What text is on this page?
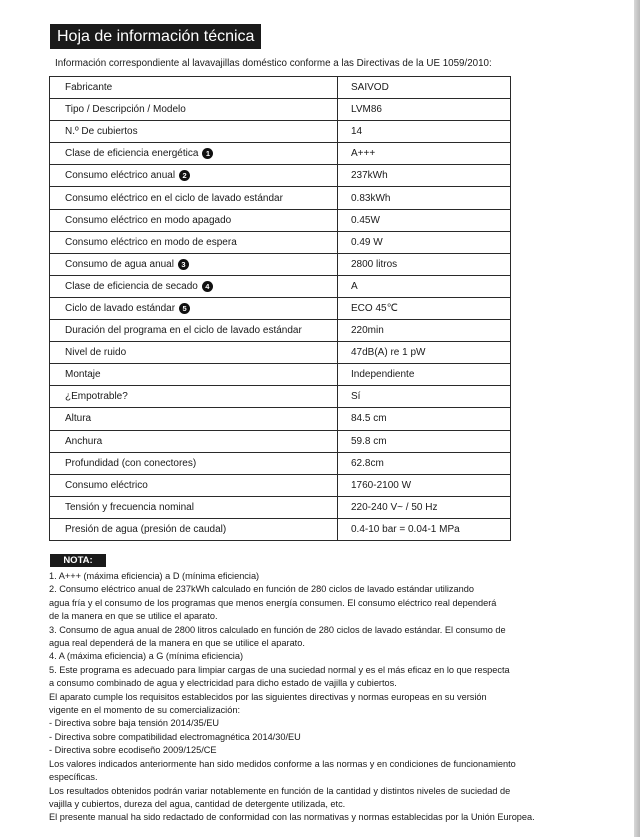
Hoja de información técnica
Información correspondiente al lavavajillas doméstico conforme a las Directivas de la UE 1059/2010:
Fabricante	SAIVOD
Tipo / Descripción / Modelo	LVM86
N.º De cubiertos	14
Clase de eficiencia energética 1	A+++
Consumo eléctrico anual 2	237kWh
Consumo eléctrico en el ciclo de lavado estándar	0.83kWh
Consumo eléctrico en modo apagado	0.45W
Consumo eléctrico en modo de espera	0.49 W
Consumo de agua anual 3	2800 litros
Clase de eficiencia de secado 4	A
Ciclo de lavado estándar 5	ECO 45℃
Duración del programa en el ciclo de lavado estándar	220min
Nivel de ruido	47dB(A) re 1 pW
Montaje	Independiente
¿Empotrable?	Sí
Altura	84.5 cm
Anchura	59.8 cm
Profundidad (con conectores)	62.8cm
Consumo eléctrico	1760-2100 W
Tensión y frecuencia nominal	220-240 V~ / 50 Hz
Presión de agua (presión de caudal)	0.4-10 bar = 0.04-1 MPa
NOTA:
1. A+++ (máxima eficiencia) a D (mínima eficiencia)
2. Consumo eléctrico anual de 237kWh calculado en función de 280 ciclos de lavado estándar utilizando
agua fría y el consumo de los programas que menos energía consumen. El consumo eléctrico real dependerá
de la manera en que se utilice el aparato.
3. Consumo de agua anual de 2800 litros calculado en función de 280 ciclos de lavado estándar. El consumo de
agua real dependerá de la manera en que se utilice el aparato.
4. A (máxima eficiencia) a G (mínima eficiencia)
5. Este programa es adecuado para limpiar cargas de una suciedad normal y es el más eficaz en lo que respecta
a consumo combinado de agua y electricidad para dicho estado de vajilla y cubiertos.
El aparato cumple los requisitos establecidos por las siguientes directivas y normas europeas en su versión
vigente en el momento de su comercialización:
- Directiva sobre baja tensión 2014/35/EU
- Directiva sobre compatibilidad electromagnética 2014/30/EU
- Directiva sobre ecodiseño 2009/125/CE
Los valores indicados anteriormente han sido medidos conforme a las normas y en condiciones de funcionamiento
específicas.
Los resultados obtenidos podrán variar notablemente en función de la cantidad y distintos niveles de suciedad de
vajilla y cubiertos, dureza del agua, cantidad de detergente utilizada, etc.
El presente manual ha sido redactado de conformidad con las normativas y normas establecidas por la Unión Europea.
